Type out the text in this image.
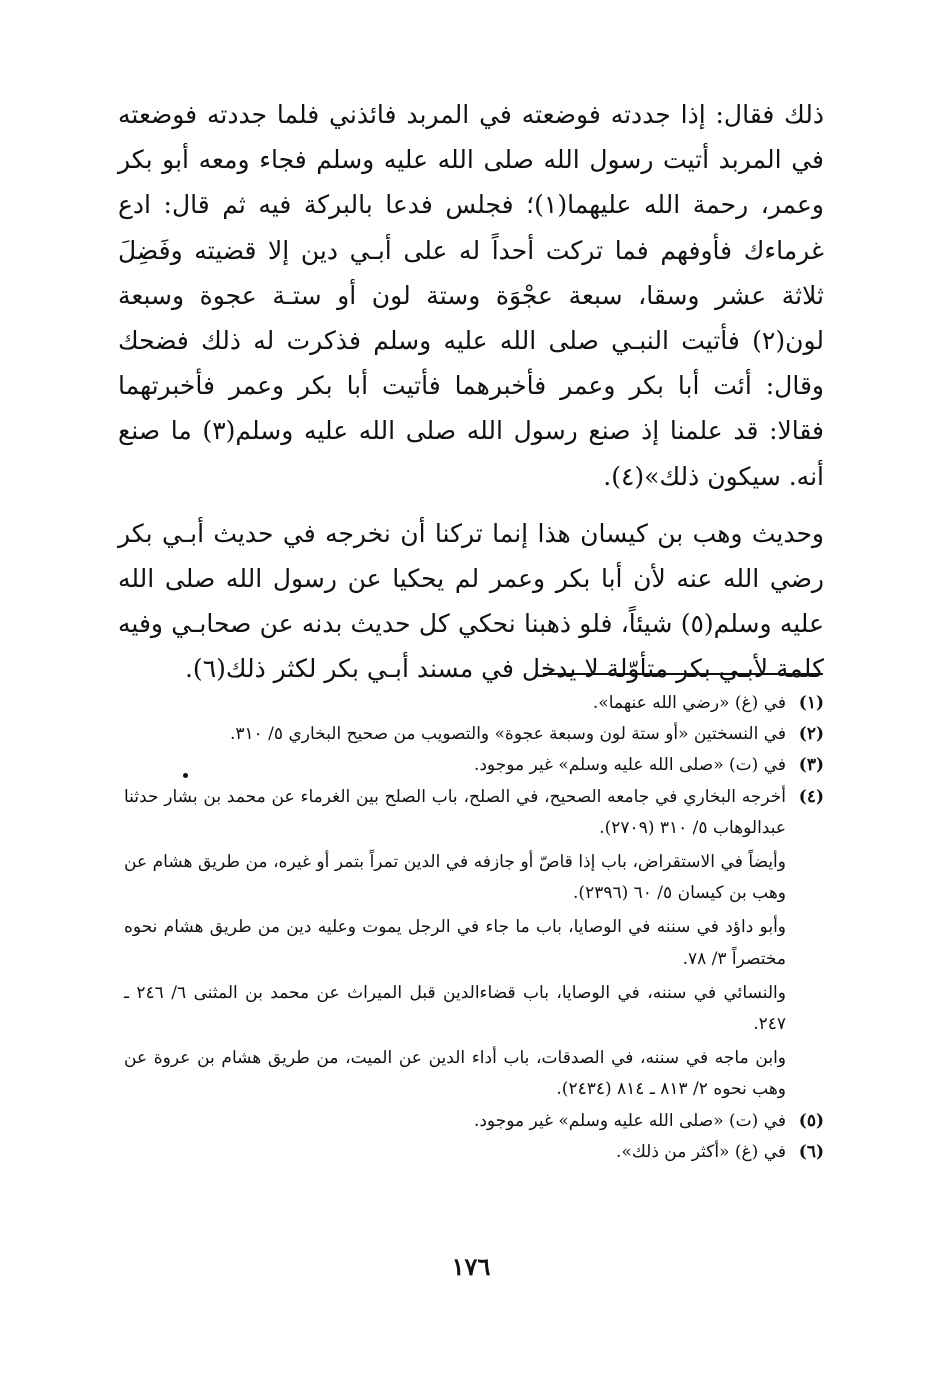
ذلك فقال: إذا جددته فوضعته في المربد فائذني فلما جددته فوضعته في المربد أتيت رسول الله صلى الله عليه وسلم فجاء ومعه أبو بكر وعمر، رحمة الله عليهما(١)؛ فجلس فدعا بالبركة فيه ثم قال: ادع غرماءك فأوفهم فما تركت أحداً له على أبـي دين إلا قضيته وفَضِلَ ثلاثة عشر وسقا، سبعة عجْوَة وستة لون أو ستـة عجوة وسبعة لون(٢) فأتيت النبـي صلى الله عليه وسلم فذكرت له ذلك فضحك وقال: أئت أبا بكر وعمر فأخبرهما فأتيت أبا بكر وعمر فأخبرتهما فقالا: قد علمنا إذ صنع رسول الله صلى الله عليه وسلم(٣) ما صنع أنه. سيكون ذلك»(٤).

وحديث وهب بن كيسان هذا إنما تركنا أن نخرجه في حديث أبـي بكر رضي الله عنه لأن أبا بكر وعمر لم يحكيا عن رسول الله صلى الله عليه وسلم(٥) شيئاً، فلو ذهبنا نحكي كل حديث بدنه عن صحابـي وفيه كلمة لأبـي بكر متأوّلة لا يدخل في مسند أبـي بكر لكثر ذلك(٦).

(١)
في (غ) «رضي الله عنهما».
(٢)
في النسختين «أو ستة لون وسبعة عجوة» والتصويب من صحيح البخاري ٥/ ٣١٠.
(٣)
في (ت) «صلى الله عليه وسلم» غير موجود.
(٤)
أخرجه البخاري في جامعه الصحيح، في الصلح، باب الصلح بين الغرماء عن محمد بن بشار حدثنا عبدالوهاب ٥/ ٣١٠ (٢٧٠٩).
وأيضاً في الاستقراض، باب إذا قاصّ أو جازفه في الدين تمراً بتمر أو غيره، من طريق هشام عن وهب بن كيسان ٥/ ٦٠ (٢٣٩٦).
وأبو داؤد في سننه في الوصايا، باب ما جاء في الرجل يموت وعليه دين من طريق هشام نحوه مختصراً ٣/ ٧٨.
والنسائي في سننه، في الوصايا، باب قضاءالدين قبل الميراث عن محمد بن المثنى ٦/ ٢٤٦ ـ ٢٤٧.
وابن ماجه في سننه، في الصدقات، باب أداء الدين عن الميت، من طريق هشام بن عروة عن وهب نحوه ٢/ ٨١٣ ـ ٨١٤ (٢٤٣٤).
(٥)
في (ت) «صلى الله عليه وسلم» غير موجود.
(٦)
في (غ) «أكثر من ذلك».
١٧٦
